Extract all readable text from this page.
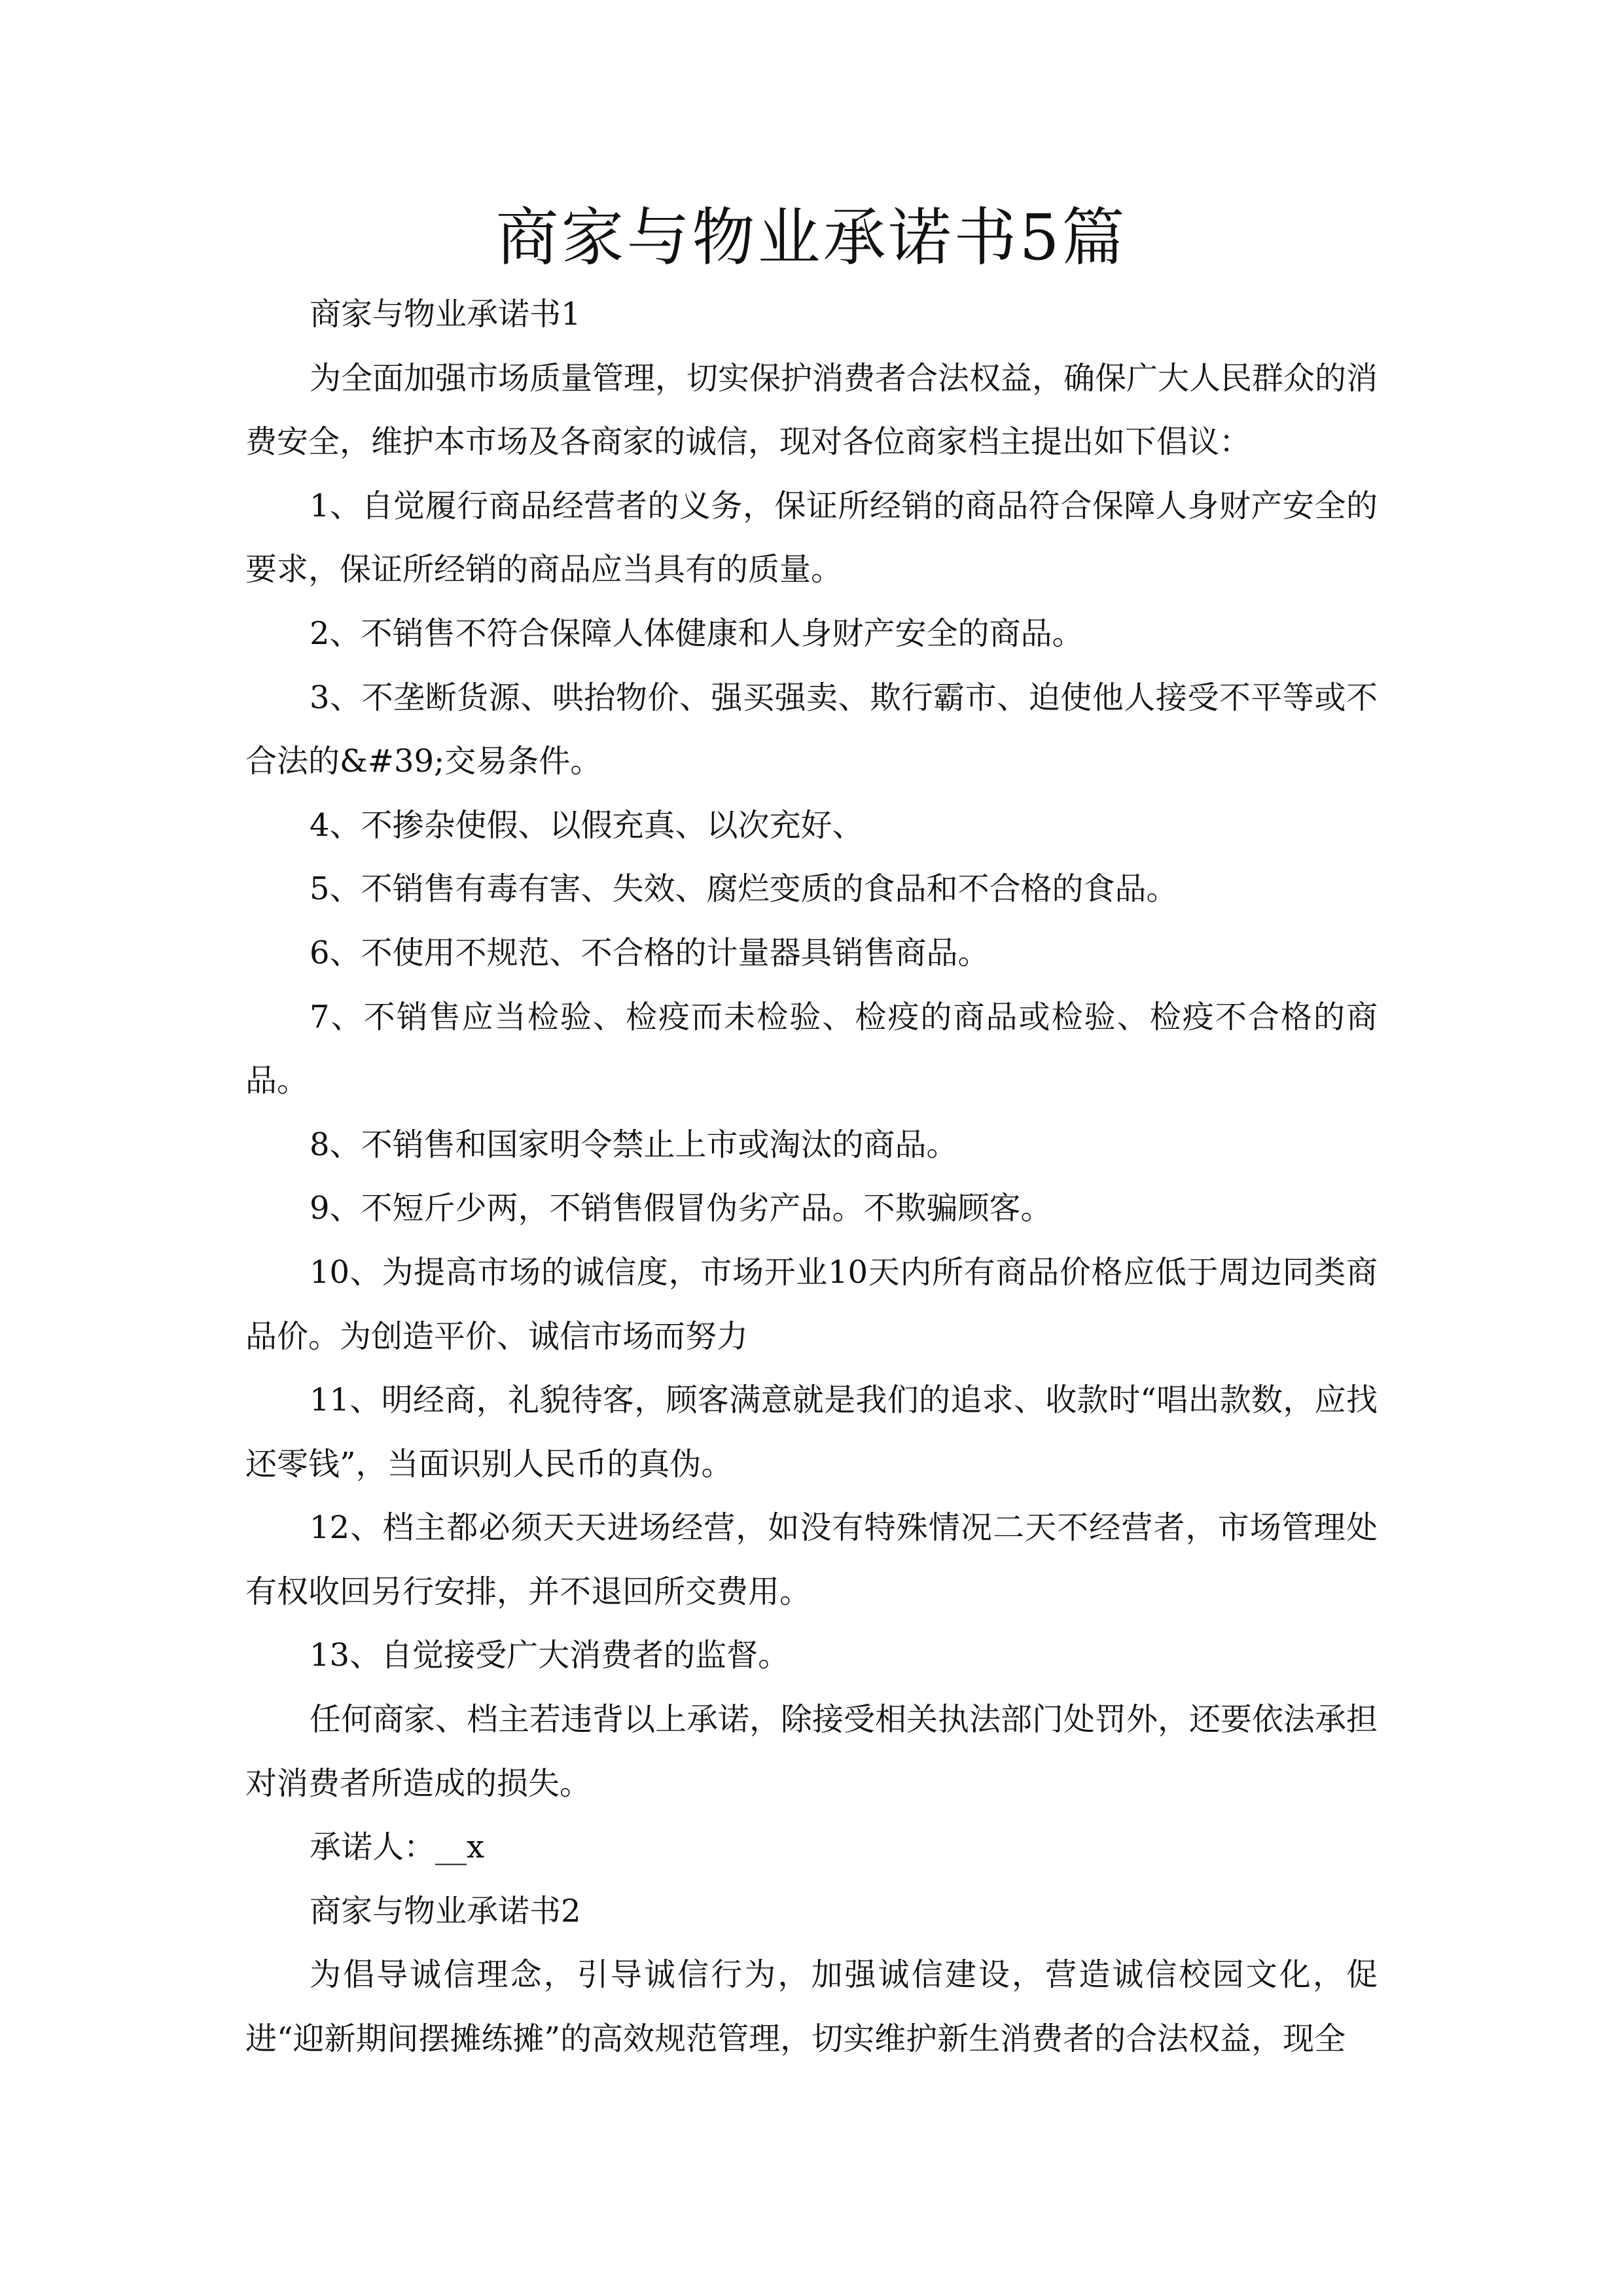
商家与物业承诺书5篇

商家与物业承诺书1

为全面加强市场质量管理，切实保护消费者合法权益，确保广大人民群众的消费安全，维护本市场及各商家的诚信，现对各位商家档主提出如下倡议：

1、自觉履行商品经营者的义务，保证所经销的商品符合保障人身财产安全的要求，保证所经销的商品应当具有的质量。

2、不销售不符合保障人体健康和人身财产安全的商品。

3、不垄断货源、哄抬物价、强买强卖、欺行霸市、迫使他人接受不平等或不合法的&#39;交易条件。

4、不掺杂使假、以假充真、以次充好、

5、不销售有毒有害、失效、腐烂变质的食品和不合格的食品。

6、不使用不规范、不合格的计量器具销售商品。

7、不销售应当检验、检疫而未检验、检疫的商品或检验、检疫不合格的商品。

8、不销售和国家明令禁止上市或淘汰的商品。

9、不短斤少两，不销售假冒伪劣产品。不欺骗顾客。

10、为提高市场的诚信度，市场开业10天内所有商品价格应低于周边同类商品价。为创造平价、诚信市场而努力

11、明经商，礼貌待客，顾客满意就是我们的追求、收款时“唱出款数，应找还零钱”，当面识别人民币的真伪。

12、档主都必须天天进场经营，如没有特殊情况二天不经营者，市场管理处有权收回另行安排，并不退回所交费用。

13、自觉接受广大消费者的监督。

任何商家、档主若违背以上承诺，除接受相关执法部门处罚外，还要依法承担对消费者所造成的损失。

承诺人：__x

商家与物业承诺书2

为倡导诚信理念，引导诚信行为，加强诚信建设，营造诚信校园文化，促进“迎新期间摆摊练摊”的高效规范管理，切实维护新生消费者的合法权益，现全
